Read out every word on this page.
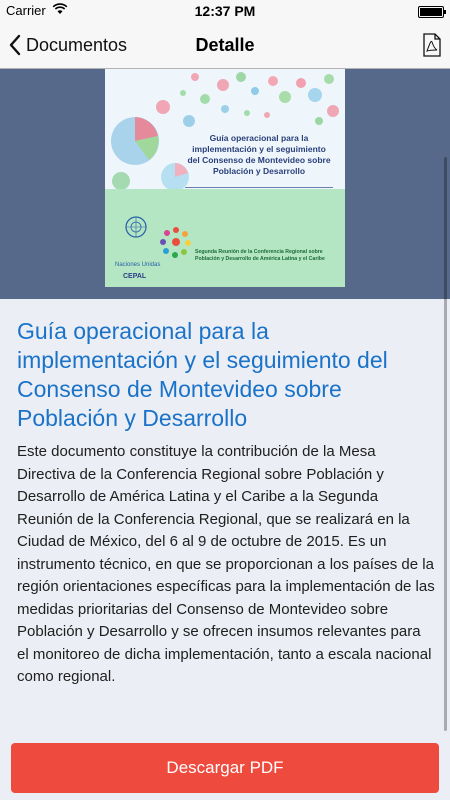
Carrier	12:37 PM
Documentos	Detalle
Guía operacional para la implementación y el seguimiento del Consenso de Montevideo sobre Población y Desarrollo
Naciones Unidas
CEPAL
Segunda Reunión de la Conferencia Regional sobre Población y Desarrollo de América Latina y el Caribe
Guía operacional para la implementación y el seguimiento del Consenso de Montevideo sobre Población y Desarrollo

Este documento constituye la contribución de la Mesa Directiva de la Conferencia Regional sobre Población y Desarrollo de América Latina y el Caribe a la Segunda Reunión de la Conferencia Regional, que se realizará en la Ciudad de México, del 6 al 9 de octubre de 2015. Es un instrumento técnico, en que se proporcionan a los países de la región orientaciones específicas para la implementación de las medidas prioritarias del Consenso de Montevideo sobre Población y Desarrollo y se ofrecen insumos relevantes para el monitoreo de dicha implementación, tanto a escala nacional como regional.

Descargar PDF
